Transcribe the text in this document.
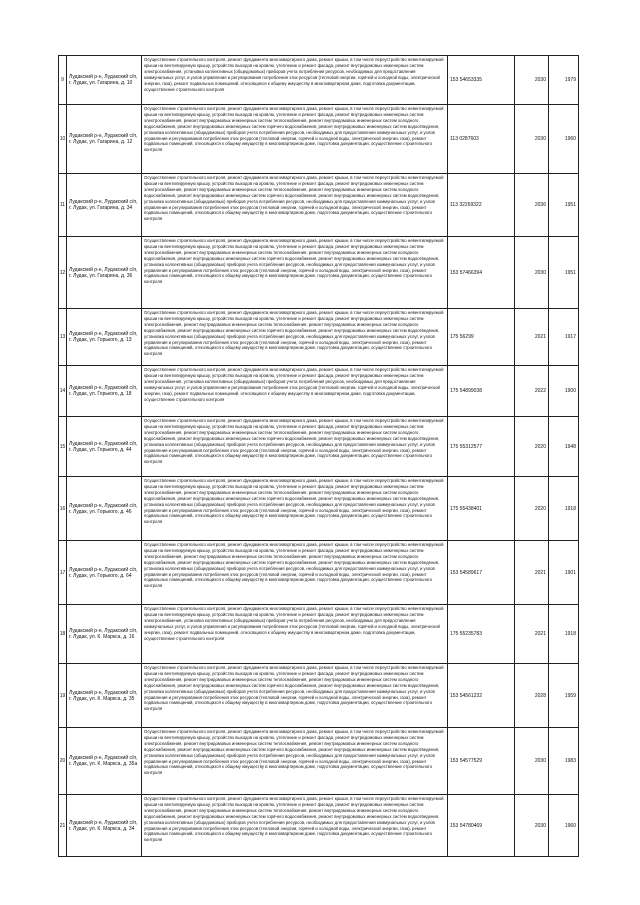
9	Лудакский р-н, Лудакский с/п, г. Лудак, ул. Гагарина, д. 10	Осуществление строительного контроля, ремонт фундамента многоквартирного дома, ремонт крыши, в том числе переустройство невентилируемой крыши на вентилируемую крышу, устройство выходов на кровлю, утепление и ремонт фасада, ремонт внутридомовых инженерных систем электроснабжения, установка коллективных (общедомовых) приборов учета потребления ресурсов, необходимых для предоставления коммунальных услуг, и узлов управления и регулирования потребления этих ресурсов (тепловой энергии, горячей и холодной воды, электрической энергии, газа), ремонт подвальных помещений, относящихся к общему имуществу в многоквартирном доме, подготовка документации, осуществление строительного контроля	153 54653335	2030	1979
10	Лудакский р-н, Лудакский с/п, г. Лудак, ул. Гагарина, д. 12	Осуществление строительного контроля, ремонт фундамента многоквартирного дома, ремонт крыши, в том числе переустройство невентилируемой крыши на вентилируемую крышу, устройство выходов на кровлю, утепление и ремонт фасада, ремонт внутридомовых инженерных систем электроснабжения, ремонт внутридомовых инженерных систем теплоснабжения, ремонт внутридомовых инженерных систем холодного водоснабжения, ремонт внутридомовых инженерных систем горячего водоснабжения, ремонт внутридомовых инженерных систем водоотведения, установка коллективных (общедомовых) приборов учета потребления ресурсов, необходимых для предоставления коммунальных услуг, и узлов управления и регулирования потребления этих ресурсов (тепловой энергии, горячей и холодной воды, электрической энергии, газа), ремонт подвальных помещений, относящихся к общему имуществу в многоквартирном доме, подготовка документации, осуществление строительного контроля	113 0287603	2030	1960
11	Лудакский р-н, Лудакский с/п, г. Лудак, ул. Гагарина, д. 34	Осуществление строительного контроля, ремонт фундамента многоквартирного дома, ремонт крыши, в том числе переустройство невентилируемой крыши на вентилируемую крышу, устройство выходов на кровлю, утепление и ремонт фасада, ремонт внутридомовых инженерных систем электроснабжения, ремонт внутридомовых инженерных систем теплоснабжения, ремонт внутридомовых инженерных систем холодного водоснабжения, ремонт внутридомовых инженерных систем горячего водоснабжения, ремонт внутридомовых инженерных систем водоотведения, установка коллективных (общедомовых) приборов учета потребления ресурсов, необходимых для предоставления коммунальных услуг, и узлов управления и регулирования потребления этих ресурсов (тепловой энергии, горячей и холодной воды, электрической энергии, газа), ремонт подвальных помещений, относящихся к общему имуществу в многоквартирном доме, подготовка документации, осуществление строительного контроля	113 32269322	2036	1951
12	Лудакский р-н, Лудакский с/п, г. Лудак, ул. Гагарина, д. 36	Осуществление строительного контроля, ремонт фундамента многоквартирного дома, ремонт крыши, в том числе переустройство невентилируемой крыши на вентилируемую крышу, устройство выходов на кровлю, утепление и ремонт фасада, ремонт внутридомовых инженерных систем электроснабжения, ремонт внутридомовых инженерных систем теплоснабжения, ремонт внутридомовых инженерных систем холодного водоснабжения, ремонт внутридомовых инженерных систем горячего водоснабжения, ремонт внутридомовых инженерных систем водоотведения, установка коллективных (общедомовых) приборов учета потребления ресурсов, необходимых для предоставления коммунальных услуг, и узлов управления и регулирования потребления этих ресурсов (тепловой энергии, горячей и холодной воды, электрической энергии, газа), ремонт подвальных помещений, относящихся к общему имуществу в многоквартирном доме, подготовка документации, осуществление строительного контроля	153 57466394	2030	1951
13	Лудакский р-н, Лудакский с/п, г. Лудак, ул. Горького, д. 13	Осуществление строительного контроля, ремонт фундамента многоквартирного дома, ремонт крыши, в том числе переустройство невентилируемой крыши на вентилируемую крышу, устройство выходов на кровлю, утепление и ремонт фасада, ремонт внутридомовых инженерных систем электроснабжения, ремонт внутридомовых инженерных систем теплоснабжения, ремонт внутридомовых инженерных систем холодного водоснабжения, ремонт внутридомовых инженерных систем горячего водоснабжения, ремонт внутридомовых инженерных систем водоотведения, установка коллективных (общедомовых) приборов учета потребления ресурсов, необходимых для предоставления коммунальных услуг, и узлов управления и регулирования потребления этих ресурсов (тепловой энергии, горячей и холодной воды, электрической энергии, газа), ремонт подвальных помещений, относящихся к общему имуществу в многоквартирном доме, подготовка документации, осуществление строительного контроля	175 56299	2021	1917
14	Лудакский р-н, Лудакский с/п, г. Лудак, ул. Горького, д. 18	Осуществление строительного контроля, ремонт фундамента многоквартирного дома, ремонт крыши, в том числе переустройство невентилируемой крыши на вентилируемую крышу, устройство выходов на кровлю, утепление и ремонт фасада, ремонт внутридомовых инженерных систем электроснабжения, установка коллективных (общедомовых) приборов учета потребления ресурсов, необходимых для предоставления коммунальных услуг, и узлов управления и регулирования потребления этих ресурсов (тепловой энергии, горячей и холодной воды, электрической энергии, газа), ремонт подвальных помещений, относящихся к общему имуществу в многоквартирном доме, подготовка документации, осуществление строительного контроля	175 54899038	2022	1900
15	Лудакский р-н, Лудакский с/п, г. Лудак, ул. Горького, д. 44	Осуществление строительного контроля, ремонт фундамента многоквартирного дома, ремонт крыши, в том числе переустройство невентилируемой крыши на вентилируемую крышу, устройство выходов на кровлю, утепление и ремонт фасада, ремонт внутридомовых инженерных систем электроснабжения, ремонт внутридомовых инженерных систем теплоснабжения, ремонт внутридомовых инженерных систем холодного водоснабжения, ремонт внутридомовых инженерных систем горячего водоснабжения, ремонт внутридомовых инженерных систем водоотведения, установка коллективных (общедомовых) приборов учета потребления ресурсов, необходимых для предоставления коммунальных услуг, и узлов управления и регулирования потребления этих ресурсов (тепловой энергии, горячей и холодной воды, электрической энергии, газа), ремонт подвальных помещений, относящихся к общему имуществу в многоквартирном доме, подготовка документации, осуществление строительного контроля	175 55312577	2020	1948
16	Лудакский р-н, Лудакский с/п, г. Лудак, ул. Горького, д. 46	Осуществление строительного контроля, ремонт фундамента многоквартирного дома, ремонт крыши, в том числе переустройство невентилируемой крыши на вентилируемую крышу, устройство выходов на кровлю, утепление и ремонт фасада, ремонт внутридомовых инженерных систем электроснабжения, ремонт внутридомовых инженерных систем теплоснабжения, ремонт внутридомовых инженерных систем холодного водоснабжения, ремонт внутридомовых инженерных систем горячего водоснабжения, ремонт внутридомовых инженерных систем водоотведения, установка коллективных (общедомовых) приборов учета потребления ресурсов, необходимых для предоставления коммунальных услуг, и узлов управления и регулирования потребления этих ресурсов (тепловой энергии, горячей и холодной воды, электрической энергии, газа), ремонт подвальных помещений, относящихся к общему имуществу в многоквартирном доме, подготовка документации, осуществление строительного контроля	175 55438401	2020	1918
17	Лудакский р-н, Лудакский с/п, г. Лудак, ул. Горького, д. 64	Осуществление строительного контроля, ремонт фундамента многоквартирного дома, ремонт крыши, в том числе переустройство невентилируемой крыши на вентилируемую крышу, устройство выходов на кровлю, утепление и ремонт фасада, ремонт внутридомовых инженерных систем электроснабжения, ремонт внутридомовых инженерных систем теплоснабжения, ремонт внутридомовых инженерных систем холодного водоснабжения, ремонт внутридомовых инженерных систем горячего водоснабжения, ремонт внутридомовых инженерных систем водоотведения, установка коллективных (общедомовых) приборов учета потребления ресурсов, необходимых для предоставления коммунальных услуг, и узлов управления и регулирования потребления этих ресурсов (тепловой энергии, горячей и холодной воды, электрической энергии, газа), ремонт подвальных помещений, относящихся к общему имуществу в многоквартирном доме, подготовка документации, осуществление строительного контроля	153 54589617	2021	1901
18	Лудакский р-н, Лудакский с/п, г. Лудак, ул. К. Маркса, д. 16	Осуществление строительного контроля, ремонт фундамента многоквартирного дома, ремонт крыши, в том числе переустройство невентилируемой крыши на вентилируемую крышу, устройство выходов на кровлю, утепление и ремонт фасада, ремонт внутридомовых инженерных систем электроснабжения, установка коллективных (общедомовых) приборов учета потребления ресурсов, необходимых для предоставления коммунальных услуг, и узлов управления и регулирования потребления этих ресурсов (тепловой энергии, горячей и холодной воды, электрической энергии, газа), ремонт подвальных помещений, относящихся к общему имуществу в многоквартирном доме, подготовка документации, осуществление строительного контроля	175 55235783	2021	1918
19	Лудакский р-н, Лудакский с/п, г. Лудак, ул. К. Маркса, д. 35	Осуществление строительного контроля, ремонт фундамента многоквартирного дома, ремонт крыши, в том числе переустройство невентилируемой крыши на вентилируемую крышу, устройство выходов на кровлю, утепление и ремонт фасада, ремонт внутридомовых инженерных систем электроснабжения, ремонт внутридомовых инженерных систем теплоснабжения, ремонт внутридомовых инженерных систем холодного водоснабжения, ремонт внутридомовых инженерных систем горячего водоснабжения, ремонт внутридомовых инженерных систем водоотведения, установка коллективных (общедомовых) приборов учета потребления ресурсов, необходимых для предоставления коммунальных услуг, и узлов управления и регулирования потребления этих ресурсов (тепловой энергии, горячей и холодной воды, электрической энергии, газа), ремонт подвальных помещений, относящихся к общему имуществу в многоквартирном доме, подготовка документации, осуществление строительного контроля	153 54561232	2028	1959
20	Лудакский р-н, Лудакский с/п, г. Лудак, ул. К. Маркса, д. 35а	Осуществление строительного контроля, ремонт фундамента многоквартирного дома, ремонт крыши, в том числе переустройство невентилируемой крыши на вентилируемую крышу, устройство выходов на кровлю, утепление и ремонт фасада, ремонт внутридомовых инженерных систем электроснабжения, ремонт внутридомовых инженерных систем теплоснабжения, ремонт внутридомовых инженерных систем холодного водоснабжения, ремонт внутридомовых инженерных систем горячего водоснабжения, ремонт внутридомовых инженерных систем водоотведения, установка коллективных (общедомовых) приборов учета потребления ресурсов, необходимых для предоставления коммунальных услуг, и узлов управления и регулирования потребления этих ресурсов (тепловой энергии, горячей и холодной воды, электрической энергии, газа), ремонт подвальных помещений, относящихся к общему имуществу в многоквартирном доме, подготовка документации, осуществление строительного контроля	153 54577529	2030	1983
21	Лудакский р-н, Лудакский с/п, г. Лудак, ул. К. Маркса, д. 34	Осуществление строительного контроля, ремонт фундамента многоквартирного дома, ремонт крыши, в том числе переустройство невентилируемой крыши на вентилируемую крышу, устройство выходов на кровлю, утепление и ремонт фасада, ремонт внутридомовых инженерных систем электроснабжения, ремонт внутридомовых инженерных систем теплоснабжения, ремонт внутридомовых инженерных систем холодного водоснабжения, ремонт внутридомовых инженерных систем горячего водоснабжения, ремонт внутридомовых инженерных систем водоотведения, установка коллективных (общедомовых) приборов учета потребления ресурсов, необходимых для предоставления коммунальных услуг, и узлов управления и регулирования потребления этих ресурсов (тепловой энергии, горячей и холодной воды, электрической энергии, газа), ремонт подвальных помещений, относящихся к общему имуществу в многоквартирном доме, подготовка документации, осуществление строительного контроля	153 54780469	2030	1960
